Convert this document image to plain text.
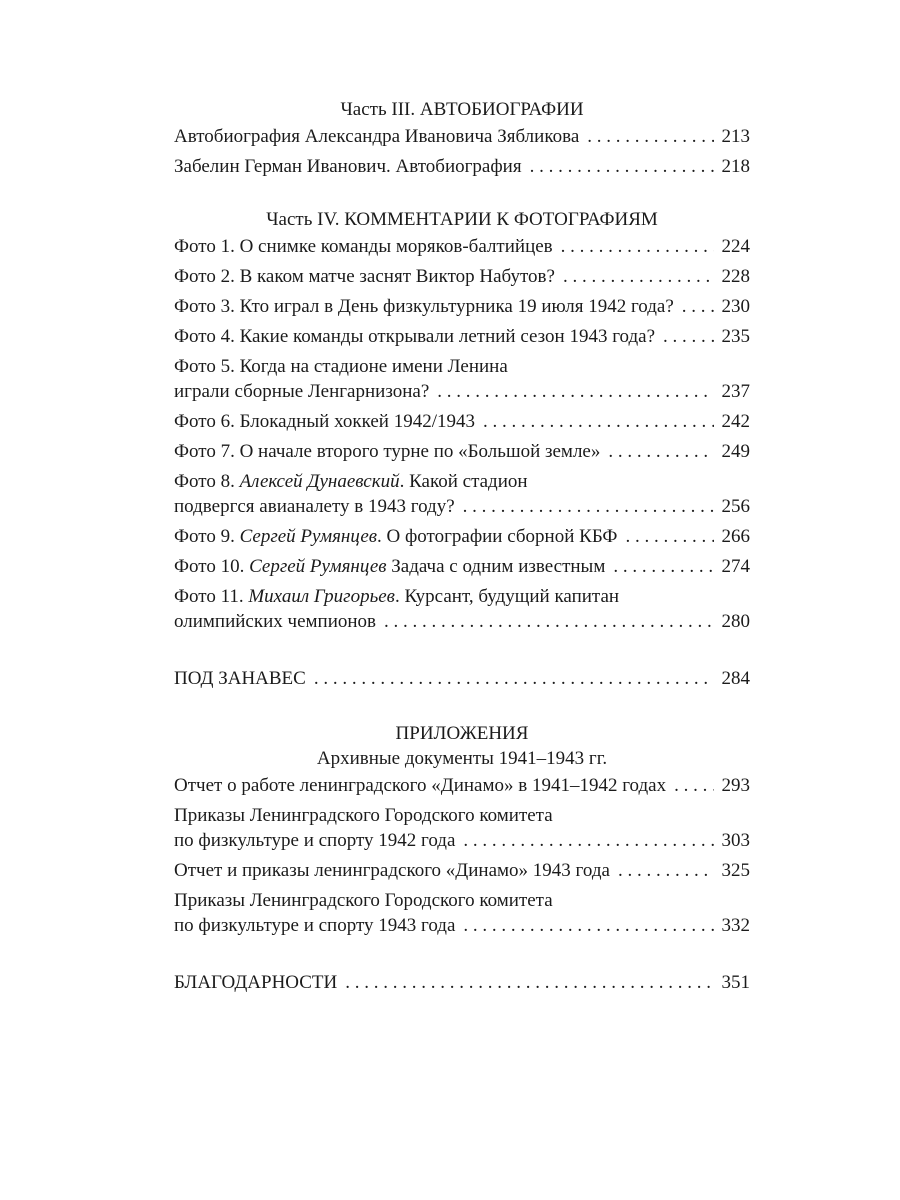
Часть III. АВТОБИОГРАФИИ
Автобиография Александра Ивановича Зябликова . . .	213
Забелин Герман Иванович. Автобиография . . .	218
Часть IV. КОММЕНТАРИИ К ФОТОГРАФИЯМ
Фото 1. О снимке команды моряков-балтийцев . . .	224
Фото 2. В каком матче заснят Виктор Набутов? . . .	228
Фото 3. Кто играл в День физкультурника 19 июля 1942 года? . . .	230
Фото 4. Какие команды открывали летний сезон 1943 года? . . .	235
Фото 5. Когда на стадионе имени Ленина
играли сборные Ленгарнизона? . . .	237
Фото 6. Блокадный хоккей 1942/1943 . . .	242
Фото 7. О начале второго турне по «Большой земле» . . .	249
Фото 8. Алексей Дунаевский. Какой стадион
подвергся авианалету в 1943 году? . . .	256
Фото 9. Сергей Румянцев. О фотографии сборной КБФ . . .	266
Фото 10. Сергей Румянцев Задача с одним известным . . .	274
Фото 11. Михаил Григорьев. Курсант, будущий капитан
олимпийских чемпионов . . .	280
ПОД ЗАНАВЕС . . .	284
ПРИЛОЖЕНИЯ
Архивные документы 1941–1943 гг.
Отчет о работе ленинградского «Динамо» в 1941–1942 годах . . .	293
Приказы Ленинградского Городского комитета
по физкультуре и спорту 1942 года . . .	303
Отчет и приказы ленинградского «Динамо» 1943 года . . .	325
Приказы Ленинградского Городского комитета
по физкультуре и спорту 1943 года . . .	332
БЛАГОДАРНОСТИ . . .	351
